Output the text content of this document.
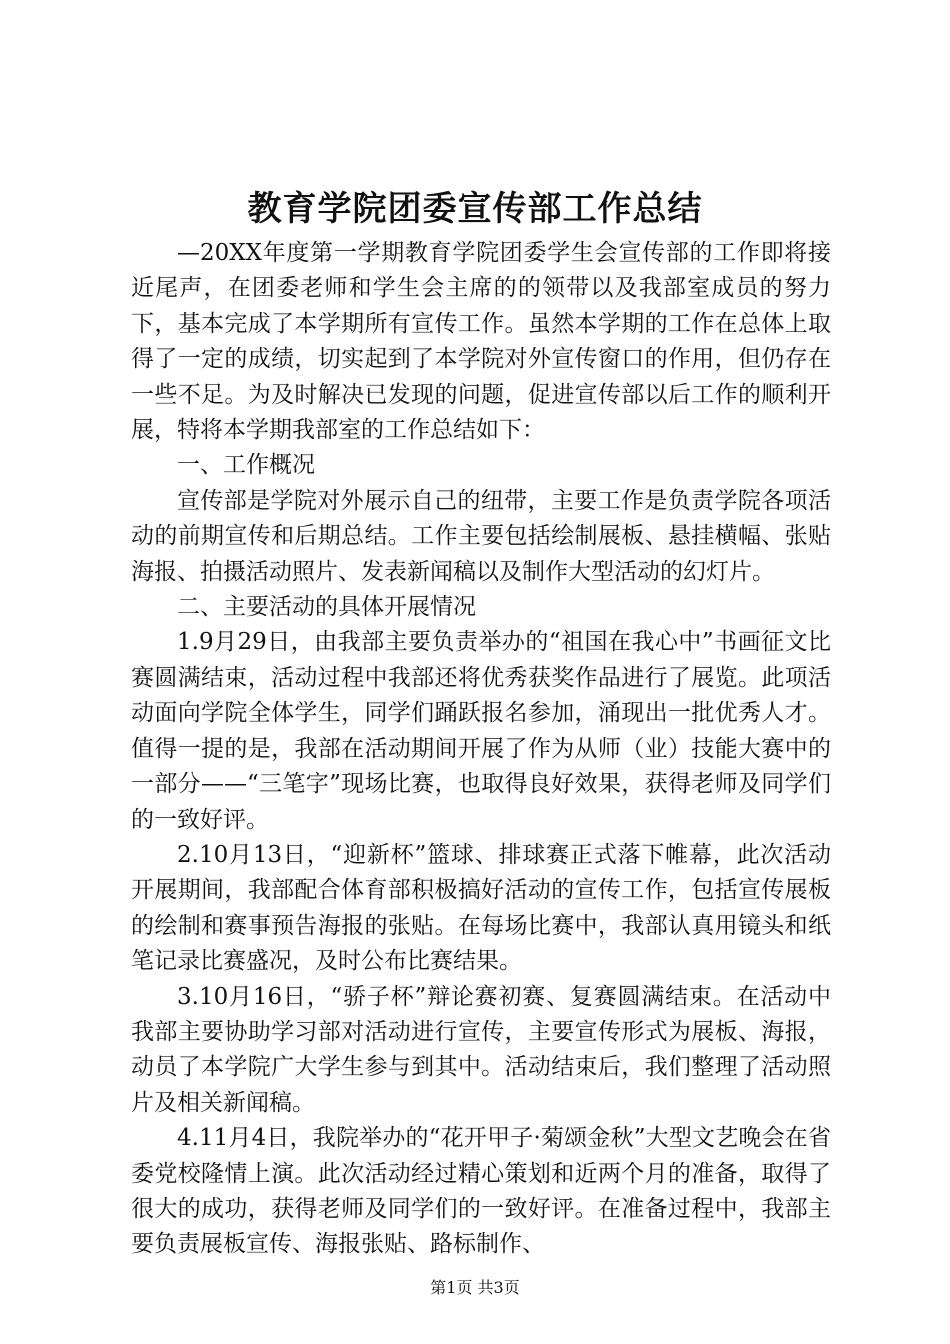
教育学院团委宣传部工作总结

—20XX年度第一学期教育学院团委学生会宣传部的工作即将接近尾声，在团委老师和学生会主席的的领带以及我部室成员的努力下，基本完成了本学期所有宣传工作。虽然本学期的工作在总体上取得了一定的成绩，切实起到了本学院对外宣传窗口的作用，但仍存在一些不足。为及时解决已发现的问题，促进宣传部以后工作的顺利开展，特将本学期我部室的工作总结如下：

一、工作概况

宣传部是学院对外展示自己的纽带，主要工作是负责学院各项活动的前期宣传和后期总结。工作主要包括绘制展板、悬挂横幅、张贴海报、拍摄活动照片、发表新闻稿以及制作大型活动的幻灯片。

二、主要活动的具体开展情况

1.9月29日，由我部主要负责举办的“祖国在我心中”书画征文比赛圆满结束，活动过程中我部还将优秀获奖作品进行了展览。此项活动面向学院全体学生，同学们踊跃报名参加，涌现出一批优秀人才。值得一提的是，我部在活动期间开展了作为从师（业）技能大赛中的一部分——“三笔字”现场比赛，也取得良好效果，获得老师及同学们的一致好评。

2.10月13日，“迎新杯”篮球、排球赛正式落下帷幕，此次活动开展期间，我部配合体育部积极搞好活动的宣传工作，包括宣传展板的绘制和赛事预告海报的张贴。在每场比赛中，我部认真用镜头和纸笔记录比赛盛况，及时公布比赛结果。

3.10月16日，“骄子杯”辩论赛初赛、复赛圆满结束。在活动中我部主要协助学习部对活动进行宣传，主要宣传形式为展板、海报，动员了本学院广大学生参与到其中。活动结束后，我们整理了活动照片及相关新闻稿。

4.11月4日，我院举办的“花开甲子·菊颂金秋”大型文艺晚会在省委党校隆情上演。此次活动经过精心策划和近两个月的准备，取得了很大的成功，获得老师及同学们的一致好评。在准备过程中，我部主要负责展板宣传、海报张贴、路标制作、

第1页 共3页
